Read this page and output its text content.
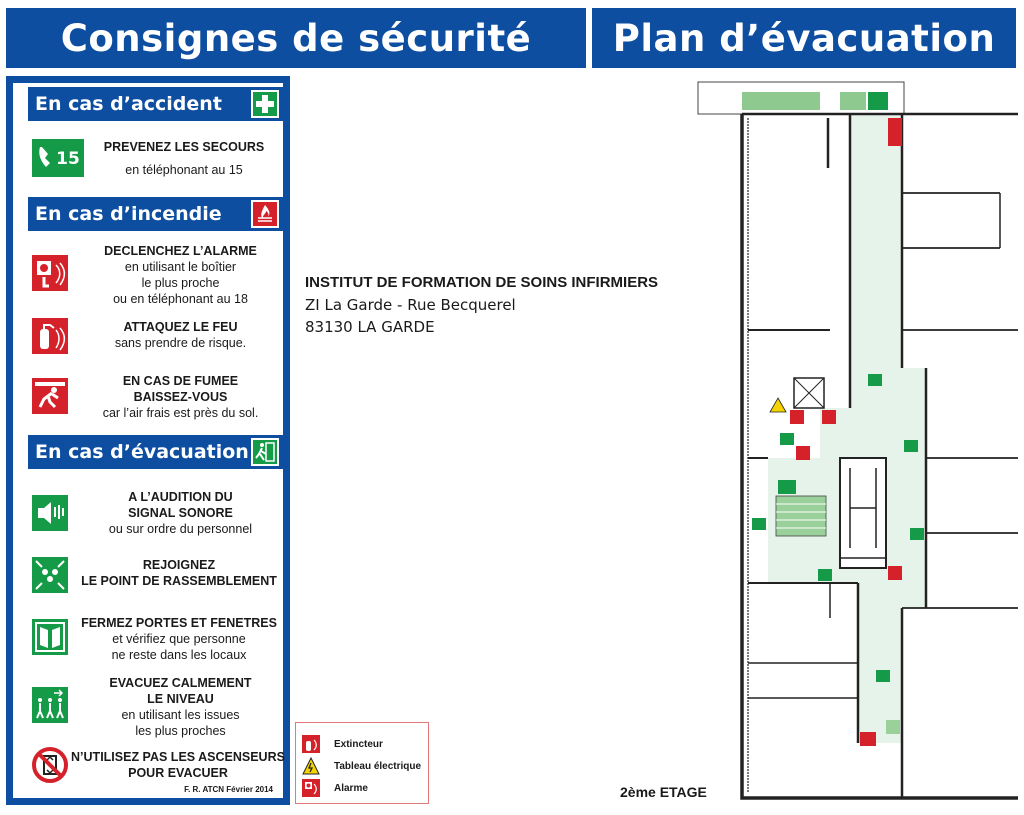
Consignes de sécurité	Plan d’évacuation
En cas d’accident
15
PREVENEZ LES SECOURS
en téléphonant au 15
En cas d’incendie
DECLENCHEZ L’ALARME
en utilisant le boîtier
le plus proche
ou en téléphonant au 18
ATTAQUEZ LE FEU
sans prendre de risque.
EN CAS DE FUMEE
BAISSEZ-VOUS
car l’air frais est près du sol.
En cas d’évacuation
A L’AUDITION DU
SIGNAL SONORE
ou sur ordre du personnel
REJOIGNEZ
LE POINT DE RASSEMBLEMENT
FERMEZ PORTES ET FENETRES
et vérifiez que personne
ne reste dans les locaux
EVACUEZ CALMEMENT
LE NIVEAU
en utilisant les issues
les plus proches
N’UTILISEZ PAS LES ASCENSEURS
POUR EVACUER
F. R. ATCN Février 2014
INSTITUT DE FORMATION DE SOINS INFIRMIERS
ZI La Garde - Rue Becquerel
83130 LA GARDE
Extincteur
Tableau électrique
Alarme	2ème ETAGE
